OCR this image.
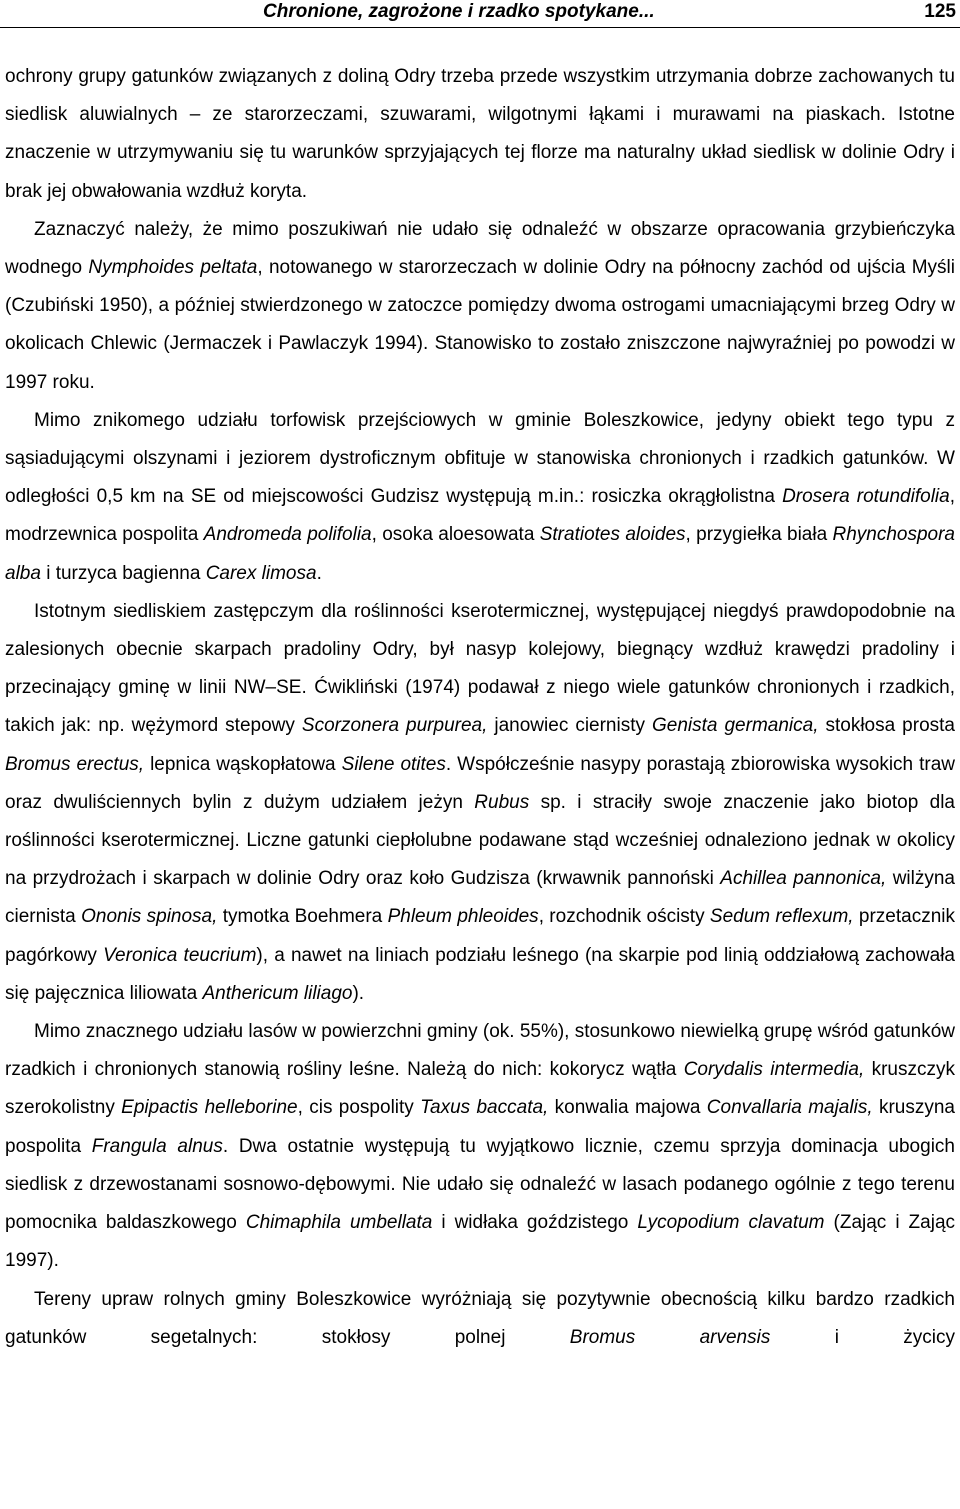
Chronione, zagrożone i rzadko spotykane...	125

ochrony grupy gatunków związanych z doliną Odry trzeba przede wszystkim utrzymania dobrze zachowanych tu siedlisk aluwialnych – ze starorzeczami, szuwarami, wilgotnymi łąkami i murawami na piaskach. Istotne znaczenie w utrzymywaniu się tu warunków sprzyjających tej florze ma naturalny układ siedlisk w dolinie Odry i brak jej obwałowania wzdłuż koryta.

Zaznaczyć należy, że mimo poszukiwań nie udało się odnaleźć w obszarze opracowania grzybieńczyka wodnego Nymphoides peltata, notowanego w starorzeczach w dolinie Odry na północny zachód od ujścia Myśli (Czubiński 1950), a później stwierdzonego w zatoczce pomiędzy dwoma ostrogami umacniającymi brzeg Odry w okolicach Chlewic (Jermaczek i Pawlaczyk 1994). Stanowisko to zostało zniszczone najwyraźniej po powodzi w 1997 roku.

Mimo znikomego udziału torfowisk przejściowych w gminie Boleszkowice, jedyny obiekt tego typu z sąsiadującymi olszynami i jeziorem dystroficznym obfituje w stanowiska chronionych i rzadkich gatunków. W odległości 0,5 km na SE od miejscowości Gudzisz występują m.in.: rosiczka okrągłolistna Drosera rotundifolia, modrzewnica pospolita Andromeda polifolia, osoka aloesowata Stratiotes aloides, przygiełka biała Rhynchospora alba i turzyca bagienna Carex limosa.

Istotnym siedliskiem zastępczym dla roślinności kserotermicznej, występującej niegdyś prawdopodobnie na zalesionych obecnie skarpach pradoliny Odry, był nasyp kolejowy, biegnący wzdłuż krawędzi pradoliny i przecinający gminę w linii NW–SE. Ćwikliński (1974) podawał z niego wiele gatunków chronionych i rzadkich, takich jak: np. wężymord stepowy Scorzonera purpurea, janowiec ciernisty Genista germanica, stokłosa prosta Bromus erectus, lepnica wąskopłatowa Silene otites. Współcześnie nasypy porastają zbiorowiska wysokich traw oraz dwuliściennych bylin z dużym udziałem jeżyn Rubus sp. i straciły swoje znaczenie jako biotop dla roślinności kserotermicznej. Liczne gatunki ciepłolubne podawane stąd wcześniej odnaleziono jednak w okolicy na przydrożach i skarpach w dolinie Odry oraz koło Gudzisza (krwawnik pannoński Achillea pannonica, wilżyna ciernista Ononis spinosa, tymotka Boehmera Phleum phleoides, rozchodnik ościsty Sedum reflexum, przetacznik pagórkowy Veronica teucrium), a nawet na liniach podziału leśnego (na skarpie pod linią oddziałową zachowała się pajęcznica liliowata Anthericum liliago).

Mimo znacznego udziału lasów w powierzchni gminy (ok. 55%), stosunkowo niewielką grupę wśród gatunków rzadkich i chronionych stanowią rośliny leśne. Należą do nich: kokorycz wątła Corydalis intermedia, kruszczyk szerokolistny Epipactis helleborine, cis pospolity Taxus baccata, konwalia majowa Convallaria majalis, kruszyna pospolita Frangula alnus. Dwa ostatnie występują tu wyjątkowo licznie, czemu sprzyja dominacja ubogich siedlisk z drzewostanami sosnowo-dębowymi. Nie udało się odnaleźć w lasach podanego ogólnie z tego terenu pomocnika baldaszkowego Chimaphila umbellata i widłaka goździstego Lycopodium clavatum (Zając i Zając 1997).

Tereny upraw rolnych gminy Boleszkowice wyróżniają się pozytywnie obecnością kilku bardzo rzadkich gatunków segetalnych: stokłosy polnej Bromus arvensis i życicy
